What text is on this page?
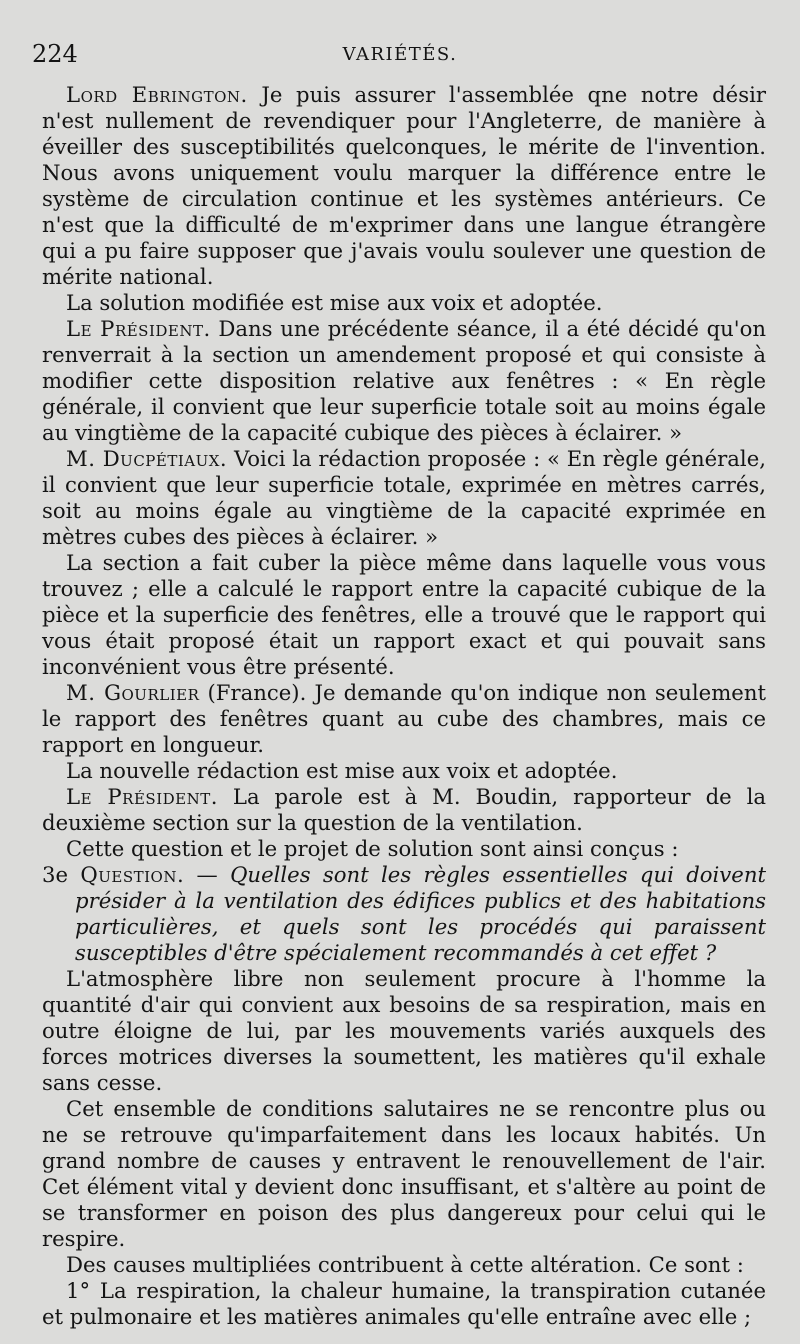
224	VARIÉTÉS.

Lord Ebrington. Je puis assurer l'assemblée qne notre désir n'est nullement de revendiquer pour l'Angleterre, de manière à éveiller des susceptibilités quelconques, le mérite de l'invention. Nous avons uniquement voulu marquer la différence entre le système de circulation continue et les systèmes antérieurs. Ce n'est que la difficulté de m'exprimer dans une langue étrangère qui a pu faire supposer que j'avais voulu soulever une question de mérite national.

La solution modifiée est mise aux voix et adoptée.

Le Président. Dans une précédente séance, il a été décidé qu'on renverrait à la section un amendement proposé et qui consiste à modifier cette disposition relative aux fenêtres : « En règle générale, il convient que leur superficie totale soit au moins égale au vingtième de la capacité cubique des pièces à éclairer. »

M. Ducpétiaux. Voici la rédaction proposée : « En règle générale, il convient que leur superficie totale, exprimée en mètres carrés, soit au moins égale au vingtième de la capacité exprimée en mètres cubes des pièces à éclairer. »

La section a fait cuber la pièce même dans laquelle vous vous trouvez ; elle a calculé le rapport entre la capacité cubique de la pièce et la superficie des fenêtres, elle a trouvé que le rapport qui vous était proposé était un rapport exact et qui pouvait sans inconvénient vous être présenté.

M. Gourlier (France). Je demande qu'on indique non seulement le rapport des fenêtres quant au cube des chambres, mais ce rapport en longueur.

La nouvelle rédaction est mise aux voix et adoptée.

Le Président. La parole est à M. Boudin, rapporteur de la deuxième section sur la question de la ventilation.

Cette question et le projet de solution sont ainsi conçus :

3e Question. — Quelles sont les règles essentielles qui doivent présider à la ventilation des édifices publics et des habitations particulières, et quels sont les procédés qui paraissent susceptibles d'être spécialement recommandés à cet effet ?

L'atmosphère libre non seulement procure à l'homme la quantité d'air qui convient aux besoins de sa respiration, mais en outre éloigne de lui, par les mouvements variés auxquels des forces motrices diverses la soumettent, les matières qu'il exhale sans cesse.

Cet ensemble de conditions salutaires ne se rencontre plus ou ne se retrouve qu'imparfaitement dans les locaux habités. Un grand nombre de causes y entravent le renouvellement de l'air. Cet élément vital y devient donc insuffisant, et s'altère au point de se transformer en poison des plus dangereux pour celui qui le respire.

Des causes multipliées contribuent à cette altération. Ce sont :

1° La respiration, la chaleur humaine, la transpiration cutanée et pulmonaire et les matières animales qu'elle entraîne avec elle ;
